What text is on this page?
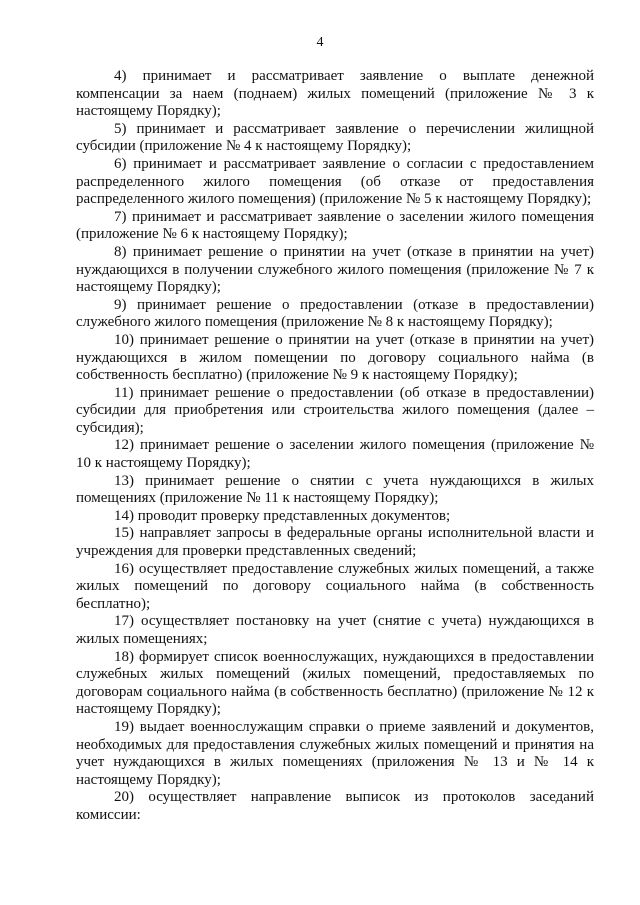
4

4) принимает и рассматривает заявление о выплате денежной компенсации за наем (поднаем) жилых помещений (приложение № 3 к настоящему Порядку);

5) принимает и рассматривает заявление о перечислении жилищной субсидии (приложение № 4 к настоящему Порядку);

6) принимает и рассматривает заявление о согласии с предоставлением распределенного жилого помещения (об отказе от предоставления распределенного жилого помещения) (приложение № 5 к настоящему Порядку);

7) принимает и рассматривает заявление о заселении жилого помещения (приложение № 6 к настоящему Порядку);

8) принимает решение о принятии на учет (отказе в принятии на учет) нуждающихся в получении служебного жилого помещения (приложение № 7 к настоящему Порядку);

9) принимает решение о предоставлении (отказе в предоставлении) служебного жилого помещения (приложение № 8 к настоящему Порядку);

10) принимает решение о принятии на учет (отказе в принятии на учет) нуждающихся в жилом помещении по договору социального найма (в собственность бесплатно) (приложение № 9 к настоящему Порядку);

11) принимает решение о предоставлении (об отказе в предоставлении) субсидии для приобретения или строительства жилого помещения (далее – субсидия);

12) принимает решение о заселении жилого помещения (приложение № 10 к настоящему Порядку);

13) принимает решение о снятии с учета нуждающихся в жилых помещениях (приложение № 11 к настоящему Порядку);

14) проводит проверку представленных документов;

15) направляет запросы в федеральные органы исполнительной власти и учреждения для проверки представленных сведений;

16) осуществляет предоставление служебных жилых помещений, а также жилых помещений по договору социального найма (в собственность бесплатно);

17) осуществляет постановку на учет (снятие с учета) нуждающихся в жилых помещениях;

18) формирует список военнослужащих, нуждающихся в предоставлении служебных жилых помещений (жилых помещений, предоставляемых по договорам социального найма (в собственность бесплатно) (приложение № 12 к настоящему Порядку);

19) выдает военнослужащим справки о приеме заявлений и документов, необходимых для предоставления служебных жилых помещений и принятия на учет нуждающихся в жилых помещениях (приложения № 13 и № 14 к настоящему Порядку);

20) осуществляет направление выписок из протоколов заседаний комиссии:
